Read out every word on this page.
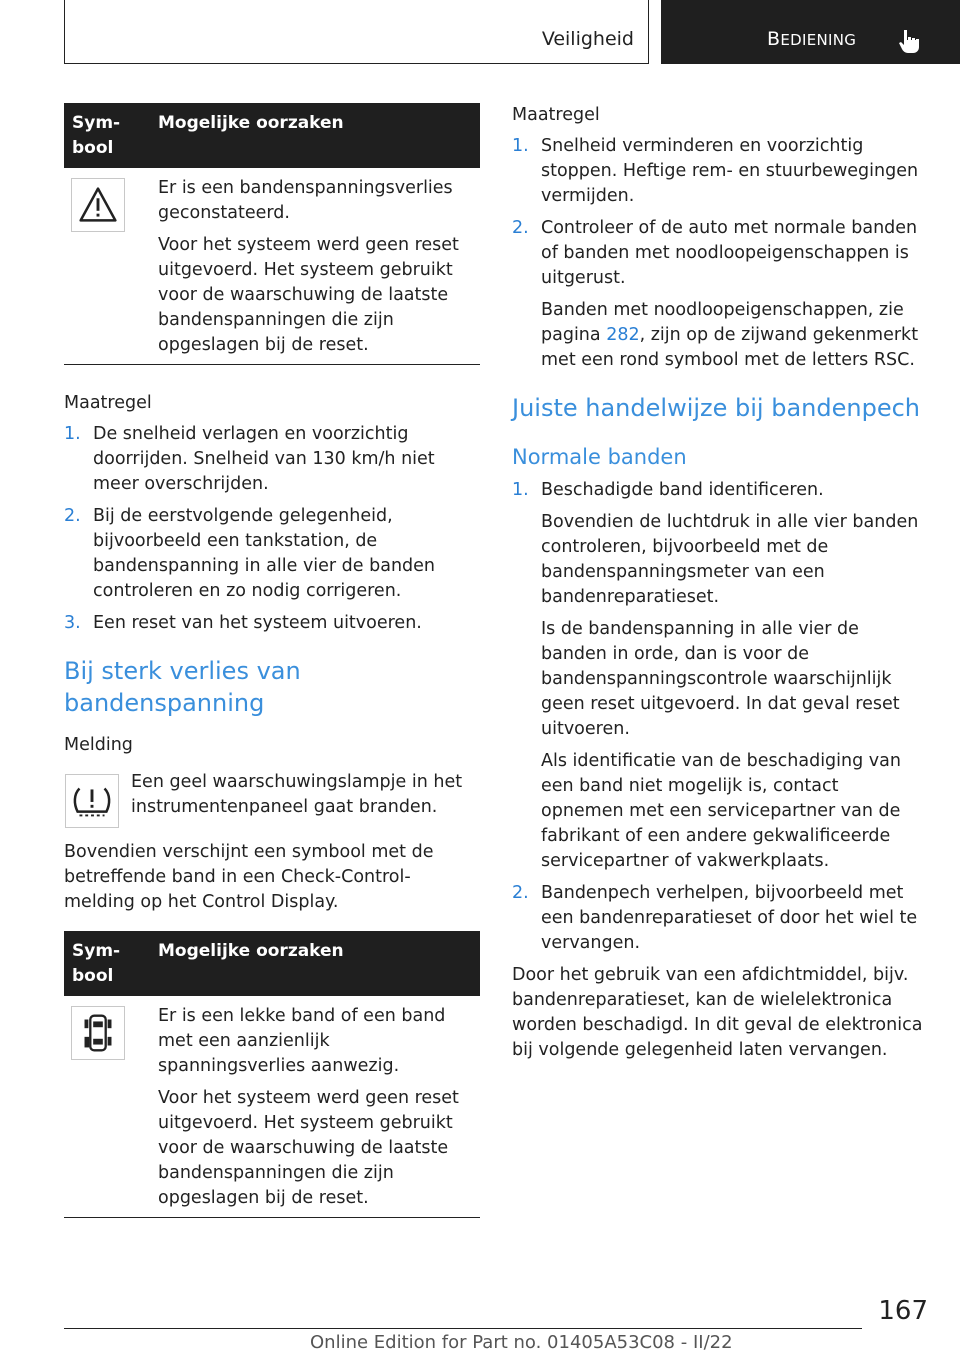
Veiligheid	BEDIENING
Sym-bool
Mogelijke oorzaken

Er is een bandenspanningsverlies geconstateerd.

Voor het systeem werd geen reset uitgevoerd. Het systeem gebruikt voor de waarschuwing de laatste bandenspanningen die zijn opgeslagen bij de reset.

Maatregel
1. De snelheid verlagen en voorzichtig doorrijden. Snelheid van 130 km/h niet meer overschrijden.

2. Bij de eerstvolgende gelegenheid, bijvoorbeeld een tankstation, de bandenspanning in alle vier de banden controleren en zo nodig corrigeren.

3. Een reset van het systeem uitvoeren.

Bij sterk verlies van bandenspanning
Melding

Een geel waarschuwingslampje in het instrumentenpaneel gaat branden.

Bovendien verschijnt een symbool met de betreffende band in een Check-Control-melding op het Control Display.

Sym-bool
Mogelijke oorzaken

Er is een lekke band of een band met een aanzienlijk spanningsverlies aanwezig.

Voor het systeem werd geen reset uitgevoerd. Het systeem gebruikt voor de waarschuwing de laatste bandenspanningen die zijn opgeslagen bij de reset.

Maatregel
1. Snelheid verminderen en voorzichtig stoppen. Heftige rem- en stuurbewegingen vermijden.

2. Controleer of de auto met normale banden of banden met noodloopeigenschappen is uitgerust.

Banden met noodloopeigenschappen, zie pagina 282, zijn op de zijwand gekenmerkt met een rond symbool met de letters RSC.

Juiste handelwijze bij bandenpech
Normale banden
1. Beschadigde band identificeren.

Bovendien de luchtdruk in alle vier banden controleren, bijvoorbeeld met de bandenspanningsmeter van een bandenreparatieset.

Is de bandenspanning in alle vier de banden in orde, dan is voor de bandenspanningscontrole waarschijnlijk geen reset uitgevoerd. In dat geval reset uitvoeren.

Als identificatie van de beschadiging van een band niet mogelijk is, contact opnemen met een servicepartner van de fabrikant of een andere gekwalificeerde servicepartner of vakwerkplaats.

2. Bandenpech verhelpen, bijvoorbeeld met een bandenreparatieset of door het wiel te vervangen.

Door het gebruik van een afdichtmiddel, bijv. bandenreparatieset, kan de wielelektronica worden beschadigd. In dit geval de elektronica bij volgende gelegenheid laten vervangen.

167
Online Edition for Part no. 01405A53C08 - II/22
